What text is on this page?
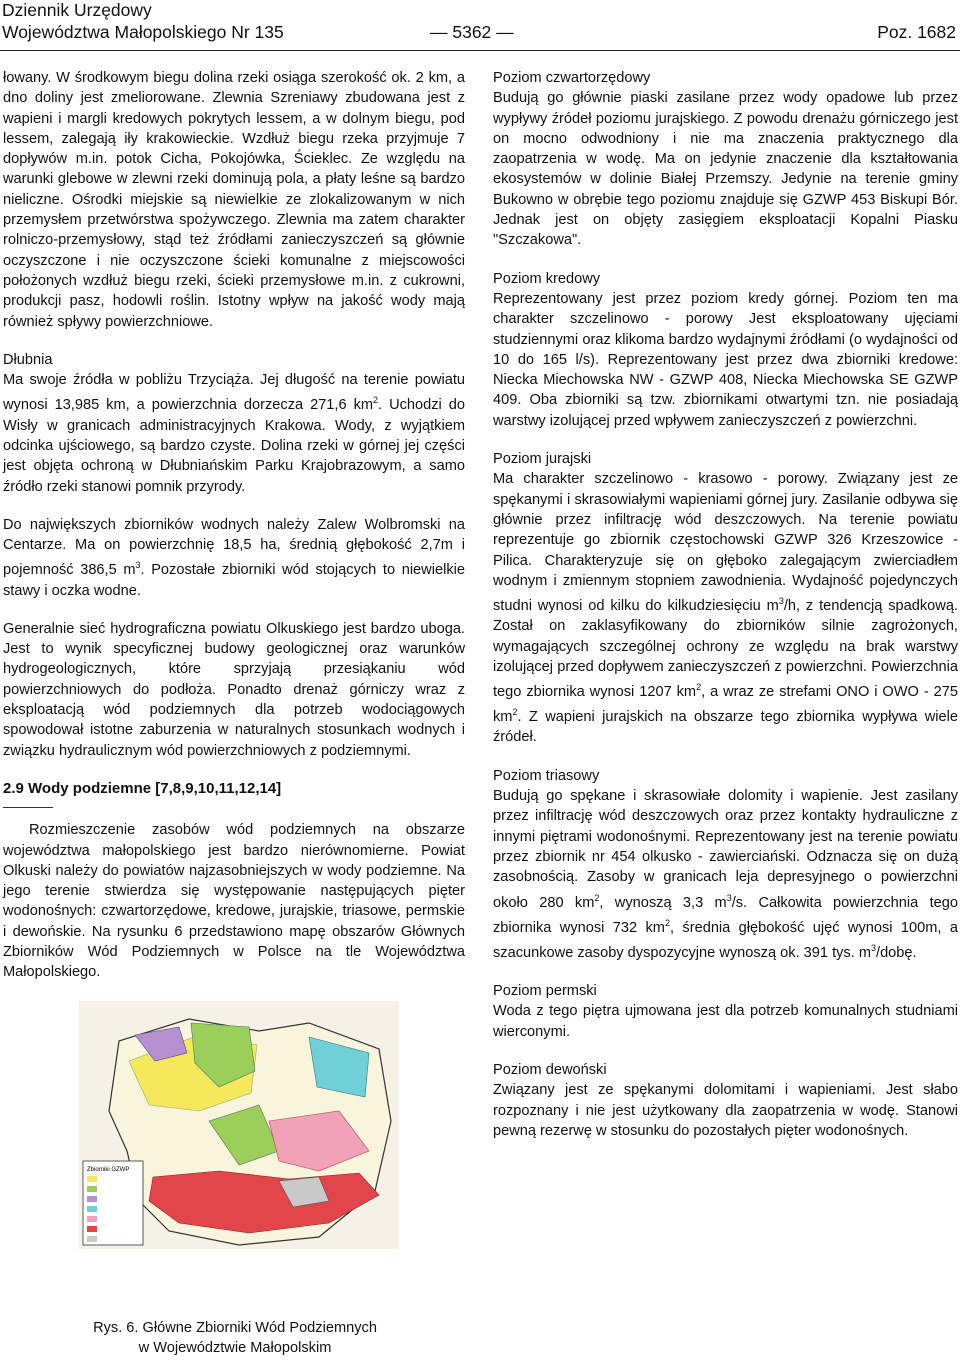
Dziennik Urzędowy
Województwa Małopolskiego Nr 135	— 5362 —	Poz. 1682

łowany. W środkowym biegu dolina rzeki osiąga szerokość ok. 2 km, a dno doliny jest zmeliorowane. Zlewnia Szreniawy zbudowana jest z wapieni i margli kredowych pokrytych lessem, a w dolnym biegu, pod lessem, zalegają iły krakowieckie. Wzdłuż biegu rzeka przyjmuje 7 dopływów m.in. potok Cicha, Pokojówka, Ścieklec. Ze względu na warunki glebowe w zlewni rzeki dominują pola, a płaty leśne są bardzo nieliczne. Ośrodki miejskie są niewielkie ze zlokalizowanym w nich przemysłem przetwórstwa spożywczego. Zlewnia ma zatem charakter rolniczo-przemysłowy, stąd też źródłami zanieczyszczeń są głównie oczyszczone i nie oczyszczone ścieki komunalne z miejscowości położonych wzdłuż biegu rzeki, ścieki przemysłowe m.in. z cukrowni, produkcji pasz, hodowli roślin. Istotny wpływ na jakość wody mają również spływy powierzchniowe.

Dłubnia
Ma swoje źródła w pobliżu Trzyciąża. Jej długość na terenie powiatu wynosi 13,985 km, a powierzchnia dorzecza 271,6 $km^2$. Uchodzi do Wisły w granicach administracyjnych Krakowa. Wody, z wyjątkiem odcinka ujściowego, są bardzo czyste. Dolina rzeki w górnej jej części jest objęta ochroną w Dłubniańskim Parku Krajobrazowym, a samo źródło rzeki stanowi pomnik przyrody.

Do największych zbiorników wodnych należy Zalew Wolbromski na Centarze. Ma on powierzchnię 18,5 ha, średnią głębokość 2,7m i pojemność 386,5 $m^3$. Pozostałe zbiorniki wód stojących to niewielkie stawy i oczka wodne.

Generalnie sieć hydrograficzna powiatu Olkuskiego jest bardzo uboga. Jest to wynik specyficznej budowy geologicznej oraz warunków hydrogeologicznych, które sprzyjają przesiąkaniu wód powierzchniowych do podłoża. Ponadto drenaż górniczy wraz z eksploatacją wód podziemnych dla potrzeb wodociągowych spowodował istotne zaburzenia w naturalnych stosunkach wodnych i związku hydraulicznym wód powierzchniowych z podziemnymi.

2.9 Wody podziemne [7,8,9,10,11,12,14]

Rozmieszczenie zasobów wód podziemnych na obszarze województwa małopolskiego jest bardzo nierównomierne. Powiat Olkuski należy do powiatów najzasobniejszych w wody podziemne. Na jego terenie stwierdza się występowanie następujących pięter wodonośnych: czwartorzędowe, kredowe, jurajskie, triasowe, permskie i dewońskie. Na rysunku 6 przedstawiono mapę obszarów Głównych Zbiorników Wód Podziemnych w Polsce na tle Województwa Małopolskiego.

Zbiorniki GZWP
Rys. 6. Główne Zbiorniki Wód Podziemnych
w Województwie Małopolskim

Poziom czwartorzędowy
Budują go głównie piaski zasilane przez wody opadowe lub przez wypływy źródeł poziomu jurajskiego. Z powodu drenażu górniczego jest on mocno odwodniony i nie ma znaczenia praktycznego dla zaopatrzenia w wodę. Ma on jedynie znaczenie dla kształtowania ekosystemów w dolinie Białej Przemszy. Jedynie na terenie gminy Bukowno w obrębie tego poziomu znajduje się GZWP 453 Biskupi Bór. Jednak jest on objęty zasięgiem eksploatacji Kopalni Piasku "Szczakowa".

Poziom kredowy
Reprezentowany jest przez poziom kredy górnej. Poziom ten ma charakter szczelinowo - porowy Jest eksploatowany ujęciami studziennymi oraz klikoma bardzo wydajnymi źródłami (o wydajności od 10 do 165 l/s). Reprezentowany jest przez dwa zbiorniki kredowe: Niecka Miechowska NW - GZWP 408, Niecka Miechowska SE GZWP 409. Oba zbiorniki są tzw. zbiornikami otwartymi tzn. nie posiadają warstwy izolującej przed wpływem zanieczyszczeń z powierzchni.

Poziom jurajski
Ma charakter szczelinowo - krasowo - porowy. Związany jest ze spękanymi i skrasowiałymi wapieniami górnej jury. Zasilanie odbywa się głównie przez infiltrację wód deszczowych. Na terenie powiatu reprezentuje go zbiornik częstochowski GZWP 326 Krzeszowice - Pilica. Charakteryzuje się on głęboko zalegającym zwierciadłem wodnym i zmiennym stopniem zawodnienia. Wydajność pojedynczych studni wynosi od kilku do kilkudziesięciu $m^3/h$, z tendencją spadkową. Został on zaklasyfikowany do zbiorników silnie zagrożonych, wymagających szczególnej ochrony ze względu na brak warstwy izolującej przed dopływem zanieczyszczeń z powierzchni. Powierzchnia tego zbiornika wynosi 1207 $km^2$, a wraz ze strefami ONO i OWO - 275 $km^2$. Z wapieni jurajskich na obszarze tego zbiornika wypływa wiele źródeł.

Poziom triasowy
Budują go spękane i skrasowiałe dolomity i wapienie. Jest zasilany przez infiltrację wód deszczowych oraz przez kontakty hydrauliczne z innymi piętrami wodonośnymi. Reprezentowany jest na terenie powiatu przez zbiornik nr 454 olkusko - zawierciański. Odznacza się on dużą zasobnością. Zasoby w granicach leja depresyjnego o powierzchni około 280 $km^2$, wynoszą 3,3 $m^3/s$. Całkowita powierzchnia tego zbiornika wynosi 732 $km^2$, średnia głębokość ujęć wynosi 100m, a szacunkowe zasoby dyspozycyjne wynoszą ok. 391 tys. $m^3$/dobę.

Poziom permski
Woda z tego piętra ujmowana jest dla potrzeb komunalnych studniami wierconymi.

Poziom dewoński
Związany jest ze spękanymi dolomitami i wapieniami. Jest słabo rozpoznany i nie jest użytkowany dla zaopatrzenia w wodę. Stanowi pewną rezerwę w stosunku do pozostałych pięter wodonośnych.
